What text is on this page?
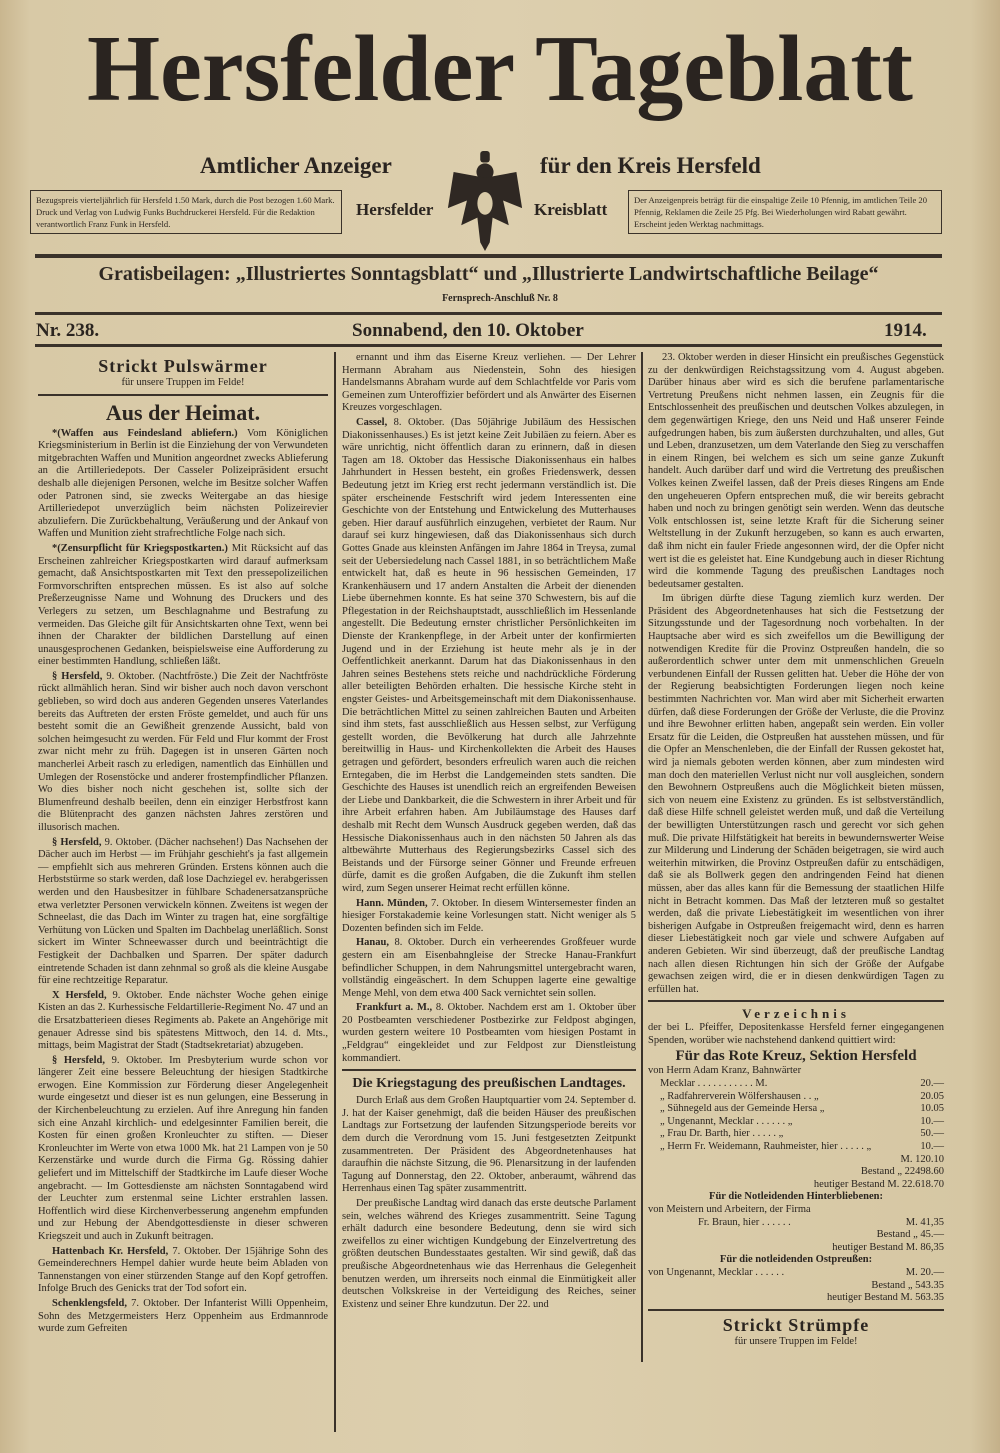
Hersfelder Tageblatt
Amtlicher Anzeiger	für den Kreis Hersfeld
Bezugspreis vierteljährlich für Hersfeld 1.50 Mark, durch die Post bezogen 1.60 Mark. Druck und Verlag von Ludwig Funks Buchdruckerei Hersfeld. Für die Redaktion verantwortlich Franz Funk in Hersfeld.
Hersfelder	Kreisblatt	Der Anzeigenpreis beträgt für die einspaltige Zeile 10 Pfennig, im amtlichen Teile 20 Pfennig, Reklamen die Zeile 25 Pfg. Bei Wiederholungen wird Rabatt gewährt. Erscheint jeden Werktag nachmittags.
Gratisbeilagen: „Illustriertes Sonntagsblatt“ und „Illustrierte Landwirtschaftliche Beilage“
Fernsprech-Anschluß Nr. 8
Nr. 238.	Sonnabend, den 10. Oktober	1914.
Strickt Pulswärmer
für unsere Truppen im Felde!
Aus der Heimat.

*(Waffen aus Feindesland abliefern.) Vom Königlichen Kriegsministerium in Berlin ist die Einziehung der von Verwundeten mitgebrachten Waffen und Munition angeordnet zwecks Ablieferung an die Artilleriedepots. Der Casseler Polizeipräsident ersucht deshalb alle diejenigen Personen, welche im Besitze solcher Waffen oder Patronen sind, sie zwecks Weitergabe an das hiesige Artilleriedepot unverzüglich beim nächsten Polizeirevier abzuliefern. Die Zurückbehaltung, Veräußerung und der Ankauf von Waffen und Munition zieht strafrechtliche Folge nach sich.

*(Zensurpflicht für Kriegspostkarten.) Mit Rücksicht auf das Erscheinen zahlreicher Kriegspostkarten wird darauf aufmerksam gemacht, daß Ansichtspostkarten mit Text den pressepolizeilichen Formvorschriften entsprechen müssen. Es ist also auf solche Preßerzeugnisse Name und Wohnung des Druckers und des Verlegers zu setzen, um Beschlagnahme und Bestrafung zu vermeiden. Das Gleiche gilt für Ansichtskarten ohne Text, wenn bei ihnen der Charakter der bildlichen Darstellung auf einen unausgesprochenen Gedanken, beispielsweise eine Aufforderung zu einer bestimmten Handlung, schließen läßt.

§ Hersfeld, 9. Oktober. (Nachtfröste.) Die Zeit der Nachtfröste rückt allmählich heran. Sind wir bisher auch noch davon verschont geblieben, so wird doch aus anderen Gegenden unseres Vaterlandes bereits das Auftreten der ersten Fröste gemeldet, und auch für uns besteht somit die an Gewißheit grenzende Aussicht, bald von solchen heimgesucht zu werden. Für Feld und Flur kommt der Frost zwar nicht mehr zu früh. Dagegen ist in unseren Gärten noch mancherlei Arbeit rasch zu erledigen, namentlich das Einhüllen und Umlegen der Rosenstöcke und anderer frostempfindlicher Pflanzen. Wo dies bisher noch nicht geschehen ist, sollte sich der Blumenfreund deshalb beeilen, denn ein einziger Herbstfrost kann die Blütenpracht des ganzen nächsten Jahres zerstören und illusorisch machen.

§ Hersfeld, 9. Oktober. (Dächer nachsehen!) Das Nachsehen der Dächer auch im Herbst — im Frühjahr geschieht's ja fast allgemein — empfiehlt sich aus mehreren Gründen. Erstens können auch die Herbststürme so stark werden, daß lose Dachziegel ev. herabgerissen werden und den Hausbesitzer in fühlbare Schadenersatzansprüche etwa verletzter Personen verwickeln können. Zweitens ist wegen der Schneelast, die das Dach im Winter zu tragen hat, eine sorgfältige Verhütung von Lücken und Spalten im Dachbelag unerläßlich. Sonst sickert im Winter Schneewasser durch und beeinträchtigt die Festigkeit der Dachbalken und Sparren. Der später dadurch eintretende Schaden ist dann zehnmal so groß als die kleine Ausgabe für eine rechtzeitige Reparatur.

X Hersfeld, 9. Oktober. Ende nächster Woche gehen einige Kisten an das 2. Kurhessische Feldartillerie-Regiment No. 47 und an die Ersatzbatterieen dieses Regiments ab. Pakete an Angehörige mit genauer Adresse sind bis spätestens Mittwoch, den 14. d. Mts., mittags, beim Magistrat der Stadt (Stadtsekretariat) abzugeben.

§ Hersfeld, 9. Oktober. Im Presbyterium wurde schon vor längerer Zeit eine bessere Beleuchtung der hiesigen Stadtkirche erwogen. Eine Kommission zur Förderung dieser Angelegenheit wurde eingesetzt und dieser ist es nun gelungen, eine Besserung in der Kirchenbeleuchtung zu erzielen. Auf ihre Anregung hin fanden sich eine Anzahl kirchlich- und edelgesinnter Familien bereit, die Kosten für einen großen Kronleuchter zu stiften. — Dieser Kronleuchter im Werte von etwa 1000 Mk. hat 21 Lampen von je 50 Kerzenstärke und wurde durch die Firma Gg. Rössing dahier geliefert und im Mittelschiff der Stadtkirche im Laufe dieser Woche angebracht. — Im Gottesdienste am nächsten Sonntagabend wird der Leuchter zum erstenmal seine Lichter erstrahlen lassen. Hoffentlich wird diese Kirchenverbesserung angenehm empfunden und zur Hebung der Abendgottesdienste in dieser schweren Kriegszeit und auch in Zukunft beitragen.

Hattenbach Kr. Hersfeld, 7. Oktober. Der 15jährige Sohn des Gemeinderechners Hempel dahier wurde heute beim Abladen von Tannenstangen von einer stürzenden Stange auf den Kopf getroffen. Infolge Bruch des Genicks trat der Tod sofort ein.

Schenklengsfeld, 7. Oktober. Der Infanterist Willi Oppenheim, Sohn des Metzgermeisters Herz Oppenheim aus Erdmannrode wurde zum Gefreiten

ernannt und ihm das Eiserne Kreuz verliehen. — Der Lehrer Hermann Abraham aus Niedenstein, Sohn des hiesigen Handelsmanns Abraham wurde auf dem Schlachtfelde vor Paris vom Gemeinen zum Unteroffizier befördert und als Anwärter des Eisernen Kreuzes vorgeschlagen.

Cassel, 8. Oktober. (Das 50jährige Jubiläum des Hessischen Diakonissenhauses.) Es ist jetzt keine Zeit Jubiläen zu feiern. Aber es wäre unrichtig, nicht öffentlich daran zu erinnern, daß in diesen Tagen am 18. Oktober das Hessische Diakonissenhaus ein halbes Jahrhundert in Hessen besteht, ein großes Friedenswerk, dessen Bedeutung jetzt im Krieg erst recht jedermann verständlich ist. Die später erscheinende Festschrift wird jedem Interessenten eine Geschichte von der Entstehung und Entwickelung des Mutterhauses geben. Hier darauf ausführlich einzugehen, verbietet der Raum. Nur darauf sei kurz hingewiesen, daß das Diakonissenhaus sich durch Gottes Gnade aus kleinsten Anfängen im Jahre 1864 in Treysa, zumal seit der Uebersiedelung nach Cassel 1881, in so beträchtlichem Maße entwickelt hat, daß es heute in 96 hessischen Gemeinden, 17 Krankenhäusern und 17 andern Anstalten die Arbeit der dienenden Liebe übernehmen konnte. Es hat seine 370 Schwestern, bis auf die Pflegestation in der Reichshauptstadt, ausschließlich im Hessenlande angestellt. Die Bedeutung ernster christlicher Persönlichkeiten im Dienste der Krankenpflege, in der Arbeit unter der konfirmierten Jugend und in der Erziehung ist heute mehr als je in der Oeffentlichkeit anerkannt. Darum hat das Diakonissenhaus in den Jahren seines Bestehens stets reiche und nachdrückliche Förderung aller beteiligten Behörden erhalten. Die hessische Kirche steht in engster Geistes- und Arbeitsgemeinschaft mit dem Diakonissenhause. Die beträchtlichen Mittel zu seinen zahlreichen Bauten und Arbeiten sind ihm stets, fast ausschließlich aus Hessen selbst, zur Verfügung gestellt worden, die Bevölkerung hat durch alle Jahrzehnte bereitwillig in Haus- und Kirchenkollekten die Arbeit des Hauses getragen und gefördert, besonders erfreulich waren auch die reichen Erntegaben, die im Herbst die Landgemeinden stets sandten. Die Geschichte des Hauses ist unendlich reich an ergreifenden Beweisen der Liebe und Dankbarkeit, die die Schwestern in ihrer Arbeit und für ihre Arbeit erfahren haben. Am Jubiläumstage des Hauses darf deshalb mit Recht dem Wunsch Ausdruck gegeben werden, daß das Hessische Diakonissenhaus auch in den nächsten 50 Jahren als das altbewährte Mutterhaus des Regierungsbezirks Cassel sich des Beistands und der Fürsorge seiner Gönner und Freunde erfreuen dürfe, damit es die großen Aufgaben, die die Zukunft ihm stellen wird, zum Segen unserer Heimat recht erfüllen könne.

Hann. Münden, 7. Oktober. In diesem Wintersemester finden an hiesiger Forstakademie keine Vorlesungen statt. Nicht weniger als 5 Dozenten befinden sich im Felde.

Hanau, 8. Oktober. Durch ein verheerendes Großfeuer wurde gestern ein am Eisenbahngleise der Strecke Hanau-Frankfurt befindlicher Schuppen, in dem Nahrungsmittel untergebracht waren, vollständig eingeäschert. In dem Schuppen lagerte eine gewaltige Menge Mehl, von dem etwa 400 Sack vernichtet sein sollen.

Frankfurt a. M., 8. Oktober. Nachdem erst am 1. Oktober über 20 Postbeamten verschiedener Postbezirke zur Feldpost abgingen, wurden gestern weitere 10 Postbeamten vom hiesigen Postamt in „Feldgrau“ eingekleidet und zur Feldpost zur Dienstleistung kommandiert.

Die Kriegstagung des preußischen Landtages.

Durch Erlaß aus dem Großen Hauptquartier vom 24. September d. J. hat der Kaiser genehmigt, daß die beiden Häuser des preußischen Landtags zur Fortsetzung der laufenden Sitzungsperiode bereits vor dem durch die Verordnung vom 15. Juni festgesetzten Zeitpunkt zusammentreten. Der Präsident des Abgeordnetenhauses hat daraufhin die nächste Sitzung, die 96. Plenarsitzung in der laufenden Tagung auf Donnerstag, den 22. Oktober, anberaumt, während das Herrenhaus einen Tag später zusammentritt.

Der preußische Landtag wird danach das erste deutsche Parlament sein, welches während des Krieges zusammentritt. Seine Tagung erhält dadurch eine besondere Bedeutung, denn sie wird sich zweifellos zu einer wichtigen Kundgebung der Einzelvertretung des größten deutschen Bundesstaates gestalten. Wir sind gewiß, daß das preußische Abgeordnetenhaus wie das Herrenhaus die Gelegenheit benutzen werden, um ihrerseits noch einmal die Einmütigkeit aller deutschen Volkskreise in der Verteidigung des Reiches, seiner Existenz und seiner Ehre kundzutun. Der 22. und

23. Oktober werden in dieser Hinsicht ein preußisches Gegenstück zu der denkwürdigen Reichstagssitzung vom 4. August abgeben. Darüber hinaus aber wird es sich die berufene parlamentarische Vertretung Preußens nicht nehmen lassen, ein Zeugnis für die Entschlossenheit des preußischen und deutschen Volkes abzulegen, in dem gegenwärtigen Kriege, den uns Neid und Haß unserer Feinde aufgedrungen haben, bis zum äußersten durchzuhalten, und alles, Gut und Leben, dranzusetzen, um dem Vaterlande den Sieg zu verschaffen in einem Ringen, bei welchem es sich um seine ganze Zukunft handelt. Auch darüber darf und wird die Vertretung des preußischen Volkes keinen Zweifel lassen, daß der Preis dieses Ringens am Ende den ungeheueren Opfern entsprechen muß, die wir bereits gebracht haben und noch zu bringen genötigt sein werden. Wenn das deutsche Volk entschlossen ist, seine letzte Kraft für die Sicherung seiner Weltstellung in der Zukunft herzugeben, so kann es auch erwarten, daß ihm nicht ein fauler Friede angesonnen wird, der die Opfer nicht wert ist die es geleistet hat. Eine Kundgebung auch in dieser Richtung wird die kommende Tagung des preußischen Landtages noch bedeutsamer gestalten.

Im übrigen dürfte diese Tagung ziemlich kurz werden. Der Präsident des Abgeordnetenhauses hat sich die Festsetzung der Sitzungsstunde und der Tagesordnung noch vorbehalten. In der Hauptsache aber wird es sich zweifellos um die Bewilligung der notwendigen Kredite für die Provinz Ostpreußen handeln, die so außerordentlich schwer unter dem mit unmenschlichen Greueln verbundenen Einfall der Russen gelitten hat. Ueber die Höhe der von der Regierung beabsichtigten Forderungen liegen noch keine bestimmten Nachrichten vor. Man wird aber mit Sicherheit erwarten dürfen, daß diese Forderungen der Größe der Verluste, die die Provinz und ihre Bewohner erlitten haben, angepaßt sein werden. Ein voller Ersatz für die Leiden, die Ostpreußen hat ausstehen müssen, und für die Opfer an Menschenleben, die der Einfall der Russen gekostet hat, wird ja niemals geboten werden können, aber zum mindesten wird man doch den materiellen Verlust nicht nur voll ausgleichen, sondern den Bewohnern Ostpreußens auch die Möglichkeit bieten müssen, sich von neuem eine Existenz zu gründen. Es ist selbstverständlich, daß diese Hilfe schnell geleistet werden muß, und daß die Verteilung der bewilligten Unterstützungen rasch und gerecht vor sich gehen muß. Die private Hilfstätigkeit hat bereits in bewundernswerter Weise zur Milderung und Linderung der Schäden beigetragen, sie wird auch weiterhin mitwirken, die Provinz Ostpreußen dafür zu entschädigen, daß sie als Bollwerk gegen den andringenden Feind hat dienen müssen, aber das alles kann für die Bemessung der staatlichen Hilfe nicht in Betracht kommen. Das Maß der letzteren muß so gestaltet werden, daß die private Liebestätigkeit im wesentlichen von ihrer bisherigen Aufgabe in Ostpreußen freigemacht wird, denn es harren dieser Liebestätigkeit noch gar viele und schwere Aufgaben auf anderen Gebieten. Wir sind überzeugt, daß der preußische Landtag nach allen diesen Richtungen hin sich der Größe der Aufgabe gewachsen zeigen wird, die er in diesen denkwürdigen Tagen zu erfüllen hat.

Verzeichnis
der bei L. Pfeiffer, Depositenkasse Hersfeld ferner eingegangenen Spenden, worüber wie nachstehend dankend quittiert wird:
Für das Rote Kreuz, Sektion Hersfeld
von Herrn Adam Kranz, Bahnwärter
Mecklar . . . . . . . . . . . M.	20.—
„ Radfahrerverein Wölfershausen . . „	20.05
„ Sühnegeld aus der Gemeinde Hersa „	10.05
„ Ungenannt, Mecklar . . . . . . „	10.—
„ Frau Dr. Barth, hier . . . . . „	50.—
„ Herrn Fr. Weidemann, Rauhmeister, hier . . . . . „	10.—
M. 120.10
Bestand „ 22498.60
heutiger Bestand M. 22.618.70
Für die Notleidenden Hinterbliebenen:
von Meistern und Arbeitern, der Firma
Fr. Braun, hier . . . . . .	M. 41,35
Bestand „ 45.—
heutiger Bestand M. 86,35
Für die notleidenden Ostpreußen:
von Ungenannt, Mecklar . . . . . .	M. 20.—
Bestand „ 543.35
heutiger Bestand M. 563.35
Strickt Strümpfe
für unsere Truppen im Felde!
